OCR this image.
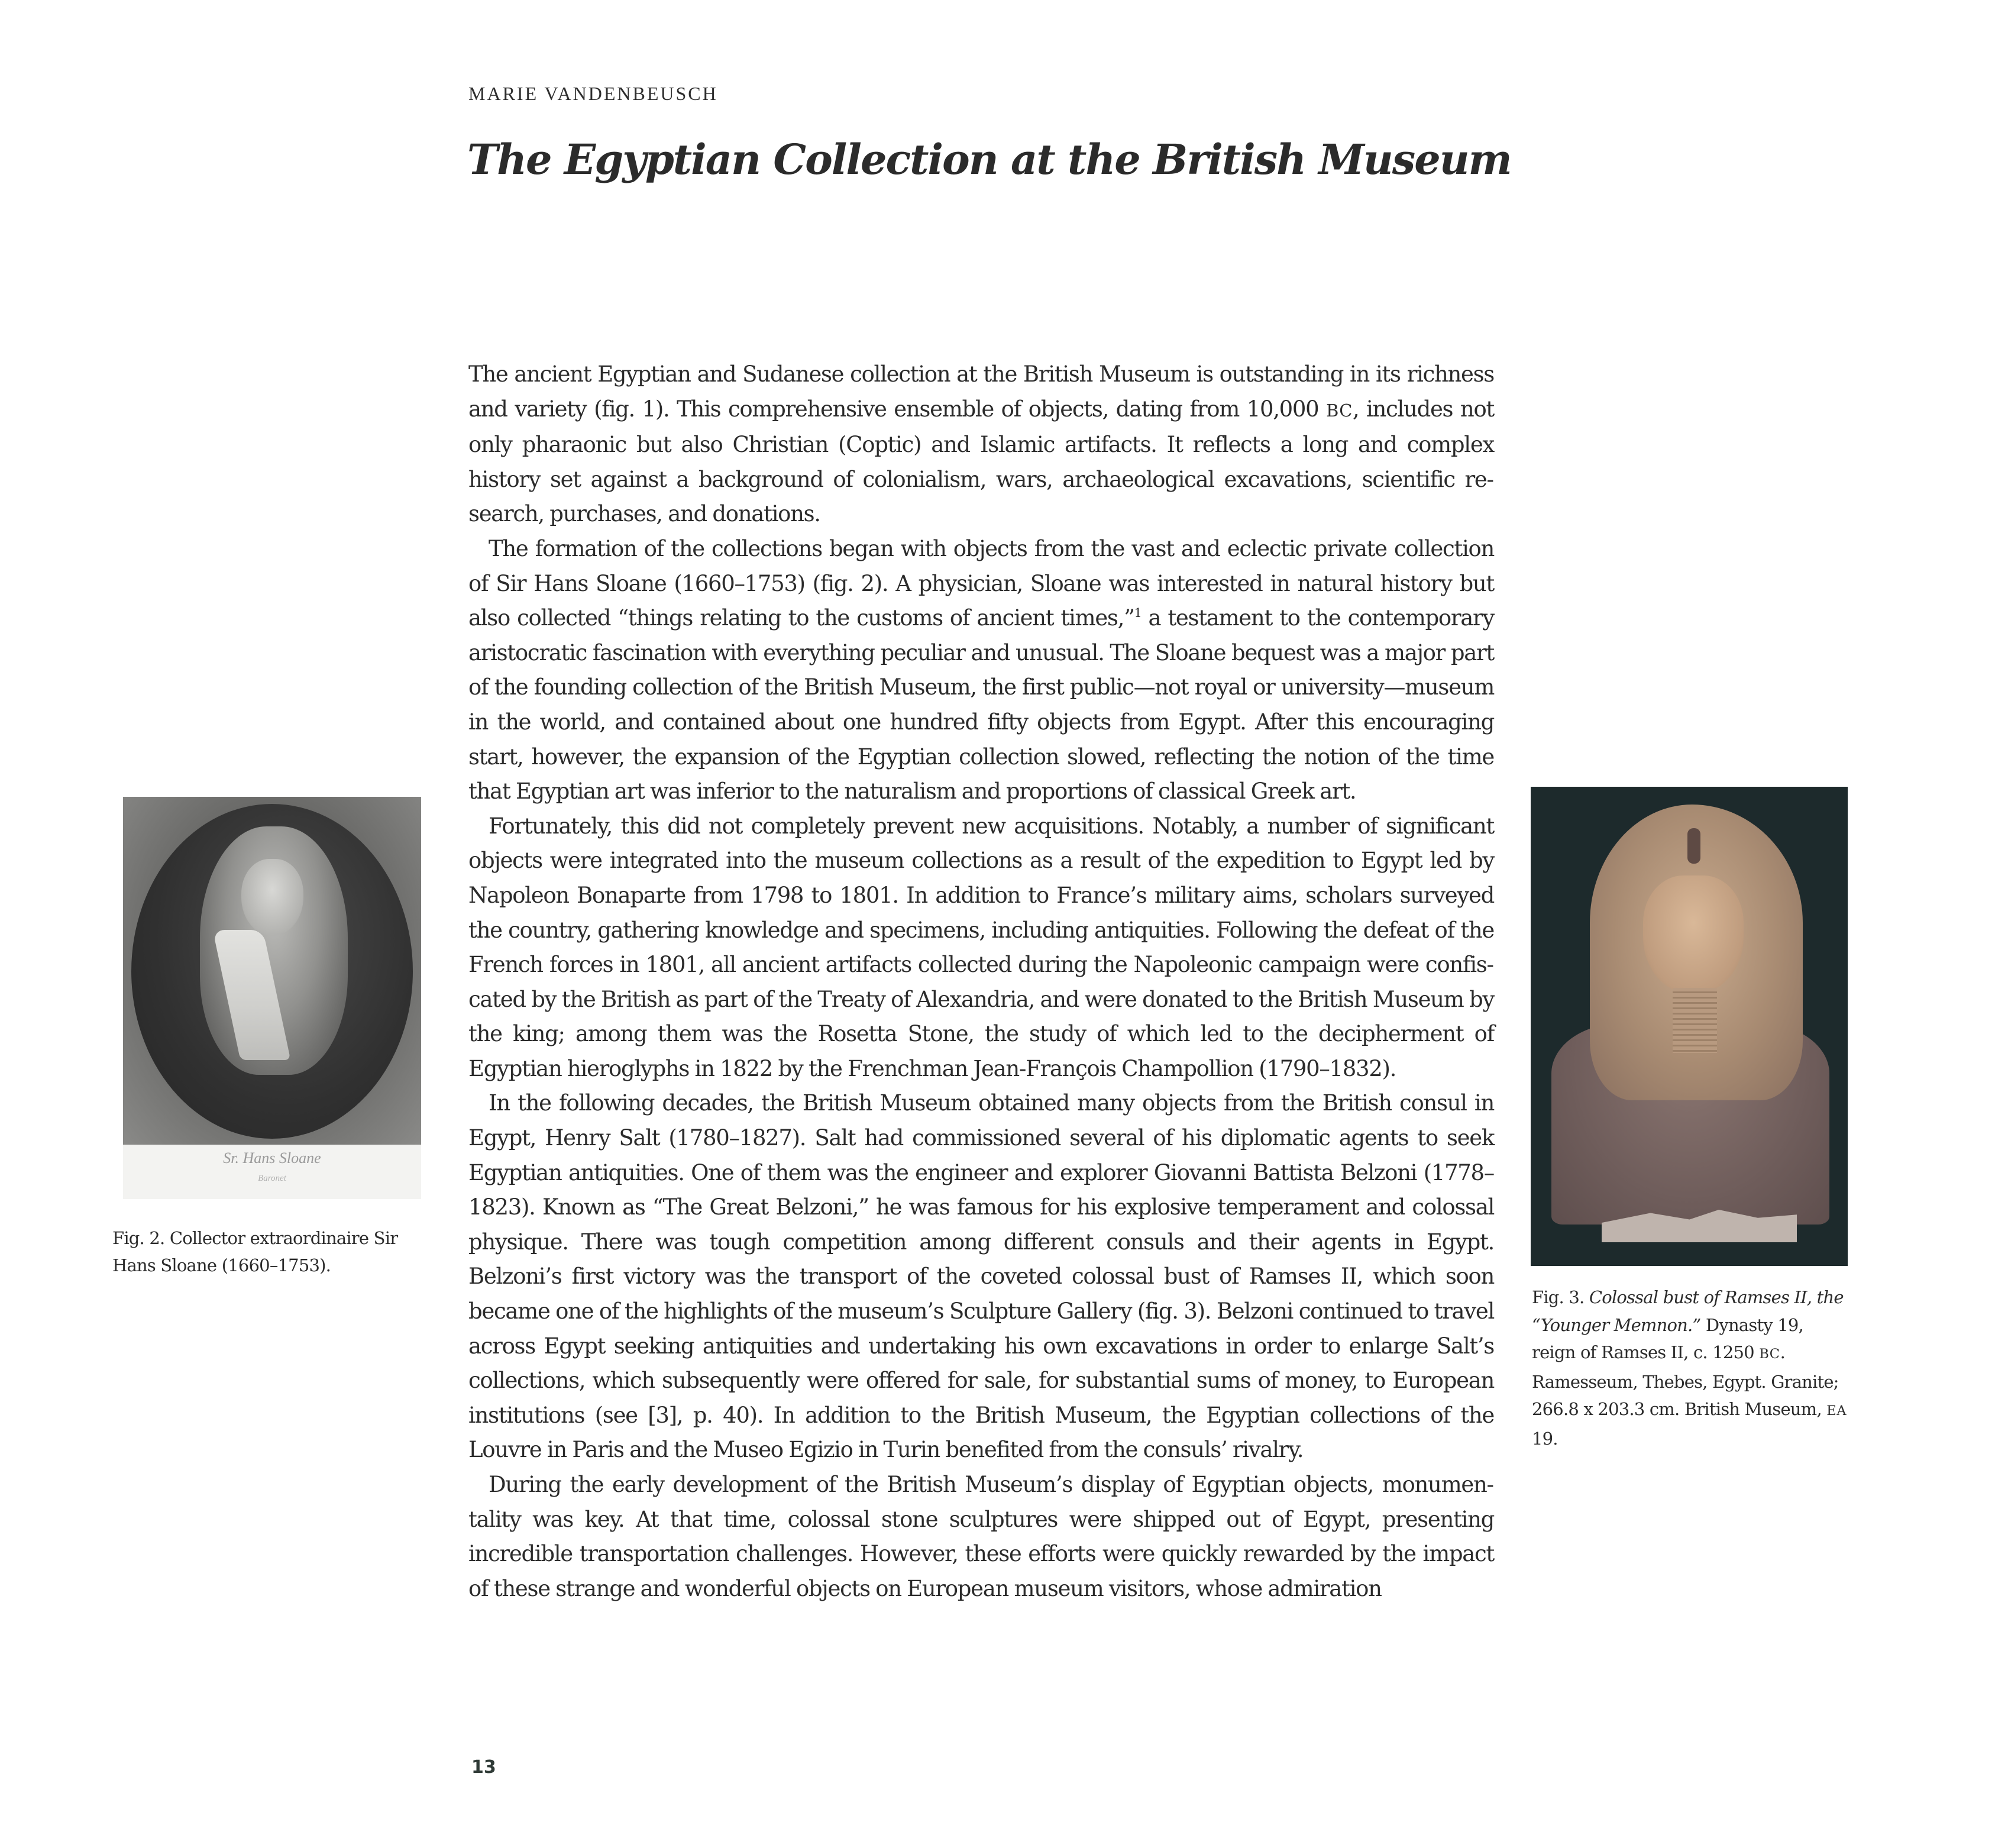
MARIE VANDENBEUSCH
The Egyptian Collection at the British Museum

The ancient Egyptian and Sudanese collection at the British Museum is outstanding in its richness and variety (fig. 1). This comprehensive ensemble of objects, dating from 10,000 BC, includes not only pharaonic but also Christian (Coptic) and Islamic artifacts. It reflects a long and complex history set against a background of colonialism, wars, archaeological excavations, scientific research, purchases, and donations.

The formation of the collections began with objects from the vast and eclectic private collection of Sir Hans Sloane (1660–1753) (fig. 2). A physician, Sloane was interested in natural history but also collected “things relating to the customs of ancient times,”$^1$ a testament to the contemporary aristocratic fascination with everything peculiar and unusual. The Sloane bequest was a major part of the founding collection of the British Museum, the first public—not royal or university—museum in the world, and contained about one hundred fifty objects from Egypt. After this encouraging start, however, the expansion of the Egyptian collection slowed, reflecting the notion of the time that Egyptian art was inferior to the naturalism and proportions of classical Greek art.

Fortunately, this did not completely prevent new acquisitions. Notably, a number of significant objects were integrated into the museum collections as a result of the expedition to Egypt led by Napoleon Bonaparte from 1798 to 1801. In addition to France’s military aims, scholars surveyed the country, gathering knowledge and specimens, including antiquities. Following the defeat of the French forces in 1801, all ancient artifacts collected during the Napoleonic campaign were confiscated by the British as part of the Treaty of Alexandria, and were donated to the British Museum by the king; among them was the Rosetta Stone, the study of which led to the decipherment of Egyptian hieroglyphs in 1822 by the Frenchman Jean-François Champollion (1790–1832).

In the following decades, the British Museum obtained many objects from the British consul in Egypt, Henry Salt (1780–1827). Salt had commissioned several of his diplomatic agents to seek Egyptian antiquities. One of them was the engineer and explorer Giovanni Battista Belzoni (1778–1823). Known as “The Great Belzoni,” he was famous for his explosive temperament and colossal physique. There was tough competition among different consuls and their agents in Egypt. Belzoni’s first victory was the transport of the coveted colossal bust of Ramses II, which soon became one of the highlights of the museum’s Sculpture Gallery (fig. 3). Belzoni continued to travel across Egypt seeking antiquities and undertaking his own excavations in order to enlarge Salt’s collections, which subsequently were offered for sale, for substantial sums of money, to European institutions (see [3], p. 40). In addition to the British Museum, the Egyptian collections of the Louvre in Paris and the Museo Egizio in Turin benefited from the consuls’ rivalry.

During the early development of the British Museum’s display of Egyptian objects, monumentality was key. At that time, colossal stone sculptures were shipped out of Egypt, presenting incredible transportation challenges. However, these efforts were quickly rewarded by the impact of these strange and wonderful objects on European museum visitors, whose admiration

Sr. Hans Sloane
Baronet
Fig. 2. Collector extraordinaire Sir Hans Sloane (1660–1753).
Fig. 3. Colossal bust of Ramses II, the “Younger Memnon.” Dynasty 19, reign of Ramses II, c. 1250 BC. Ramesseum, Thebes, Egypt. Granite; 266.8 x 203.3 cm. British Museum, EA 19.
13
